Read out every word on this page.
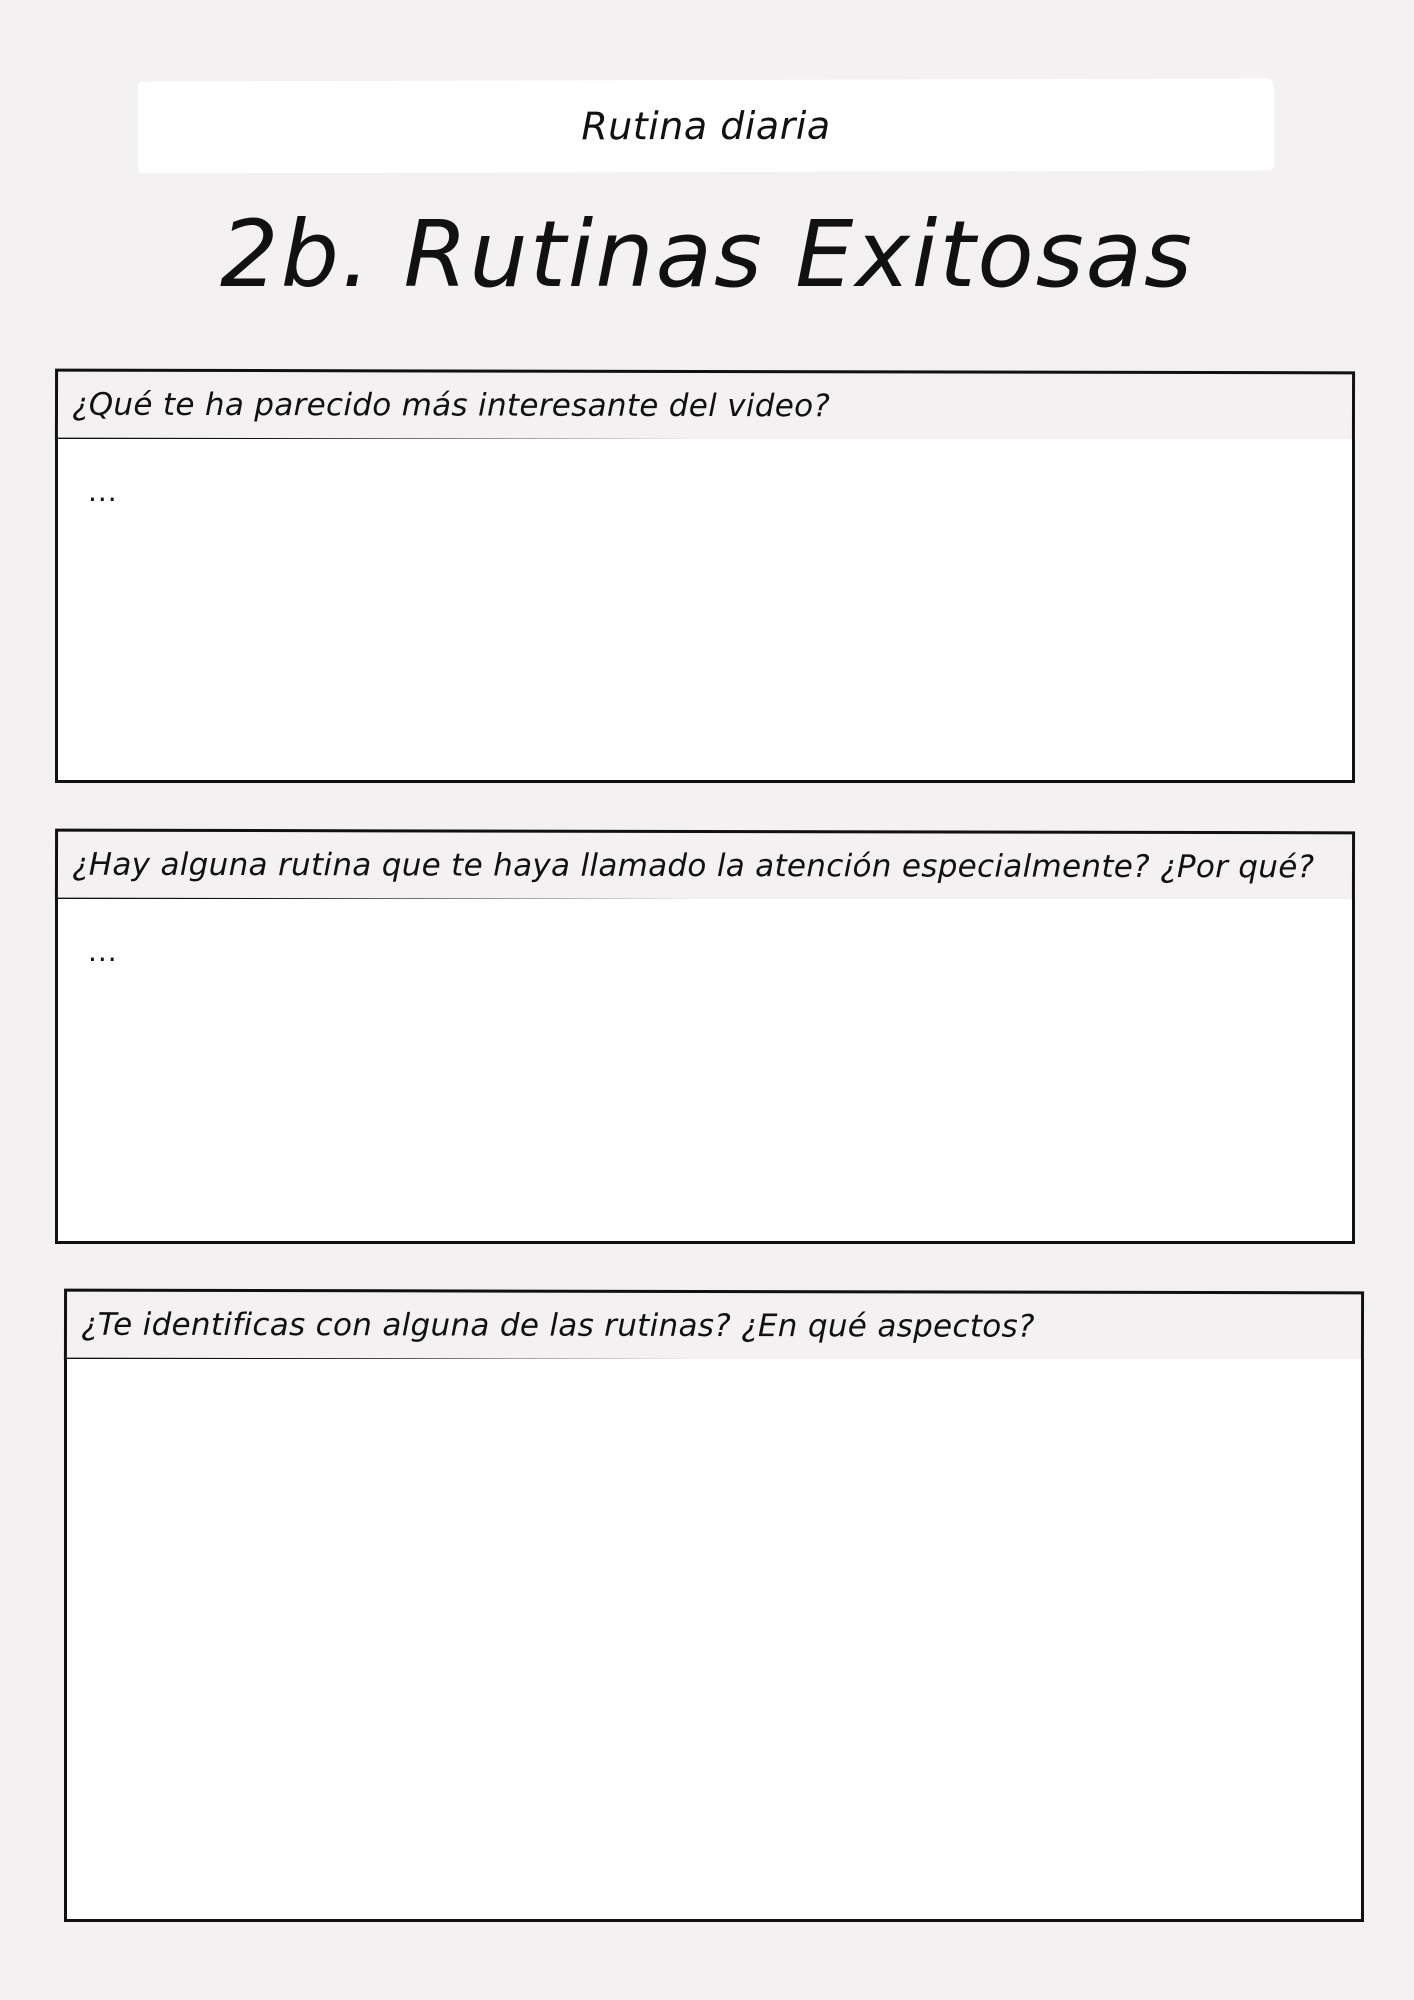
Rutina diaria
2b. Rutinas Exitosas
¿Qué te ha parecido más interesante del video?
...
¿Hay alguna rutina que te haya llamado la atención especialmente? ¿Por qué?
...
¿Te identificas con alguna de las rutinas? ¿En qué aspectos?
